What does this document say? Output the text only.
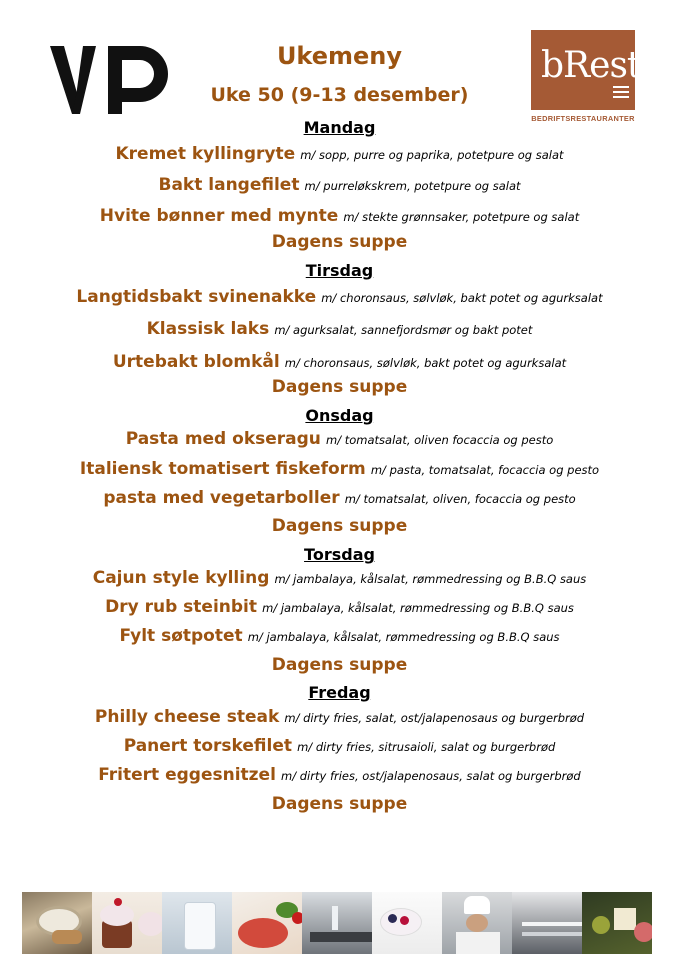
bRest
BEDRIFTSRESTAURANTER
Ukemeny
Uke 50 (9-13 desember)
Mandag
Kremet kyllingryte m/ sopp, purre og paprika, potetpure og salat
Bakt langefilet m/ purreløkskrem, potetpure og salat
Hvite bønner med mynte m/ stekte grønnsaker, potetpure og salat
Dagens suppe
Tirsdag
Langtidsbakt svinenakke m/ choronsaus, sølvløk, bakt potet og agurksalat
Klassisk laks m/ agurksalat, sannefjordsmør og bakt potet
Urtebakt blomkål m/ choronsaus, sølvløk, bakt potet og agurksalat
Dagens suppe
Onsdag
Pasta med okseragu m/ tomatsalat, oliven focaccia og pesto
Italiensk tomatisert fiskeform m/ pasta, tomatsalat, focaccia og pesto
pasta med vegetarboller m/ tomatsalat, oliven, focaccia og pesto
Dagens suppe
Torsdag
Cajun style kylling m/ jambalaya, kålsalat, rømmedressing og B.B.Q saus
Dry rub steinbit m/ jambalaya, kålsalat, rømmedressing og B.B.Q saus
Fylt søtpotet m/ jambalaya, kålsalat, rømmedressing og B.B.Q saus
Dagens suppe
Fredag
Philly cheese steak m/ dirty fries, salat, ost/jalapenosaus og burgerbrød
Panert torskefilet m/ dirty fries, sitrusaioli, salat og burgerbrød
Fritert eggesnitzel m/ dirty fries, ost/jalapenosaus, salat og burgerbrød
Dagens suppe
